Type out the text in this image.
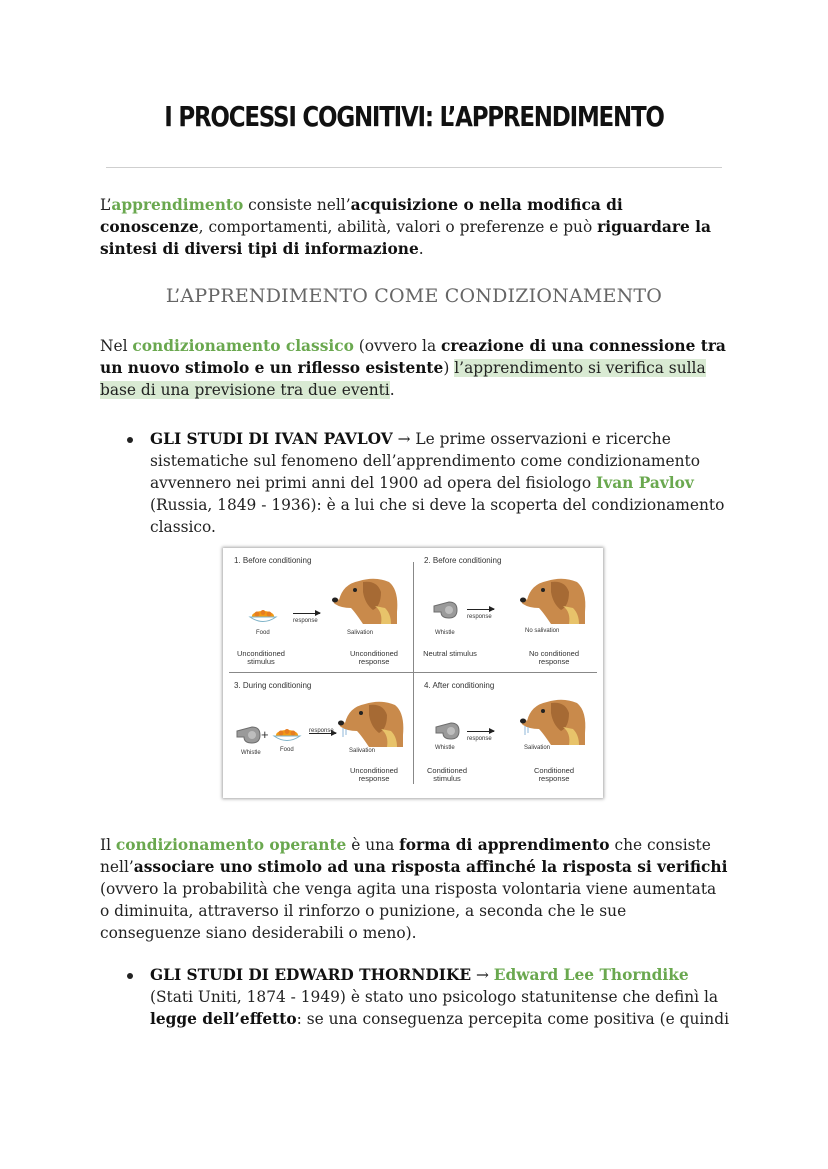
I PROCESSI COGNITIVI: L’APPRENDIMENTO
L’apprendimento consiste nell’acquisizione o nella modifica di conoscenze, comportamenti, abilità, valori o preferenze e può riguardare la sintesi di diversi tipi di informazione.
L’APPRENDIMENTO COME CONDIZIONAMENTO
Nel condizionamento classico (ovvero la creazione di una connessione tra un nuovo stimolo e un riflesso esistente) l’apprendimento si verifica sulla base di una previsione tra due eventi.
GLI STUDI DI IVAN PAVLOV → Le prime osservazioni e ricerche sistematiche sul fenomeno dell’apprendimento come condizionamento avvennero nei primi anni del 1900 ad opera del fisiologo Ivan Pavlov (Russia, 1849 - 1936): è a lui che si deve la scoperta del condizionamento classico.
1. Before conditioning
Food
response
Salivation
Unconditioned stimulus
Unconditioned response
2. Before conditioning
Whistle
response
No salivation
Neutral stimulus	No conditioned response
3. During conditioning
Whistle
+
Food
response
Salivation
Unconditioned response
4. After conditioning
Whistle
response
Salivation
Conditioned stimulus
Conditioned response
Il condizionamento operante è una forma di apprendimento che consiste nell’associare uno stimolo ad una risposta affinché la risposta si verifichi (ovvero la probabilità che venga agita una risposta volontaria viene aumentata o diminuita, attraverso il rinforzo o punizione, a seconda che le sue conseguenze siano desiderabili o meno).
GLI STUDI DI EDWARD THORNDIKE → Edward Lee Thorndike (Stati Uniti, 1874 - 1949) è stato uno psicologo statunitense che definì la legge dell’effetto: se una conseguenza percepita come positiva (e quindi
